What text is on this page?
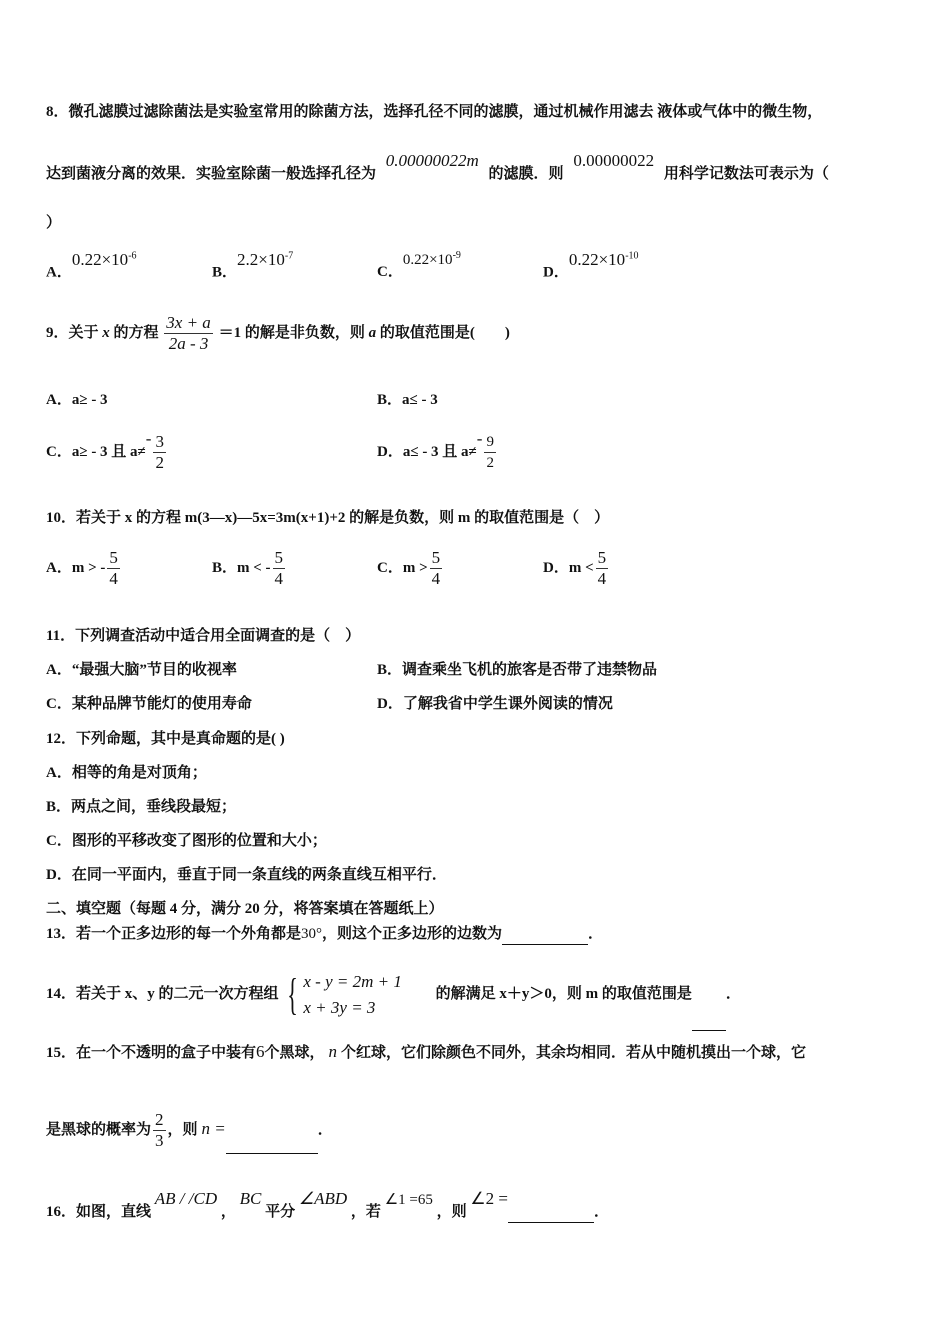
8．微孔滤膜过滤除菌法是实验室常用的除菌方法，选择孔径不同的滤膜，通过机械作用滤去 液体或气体中的微生物，
达到菌液分离的效果．实验室除菌一般选择孔径为 0.00000022m 的滤膜．则 0.00000022 用科学记数法可表示为（
）
A．$0.22\times 10^{-6}$
B．$2.2\times 10^{-7}$
C．$0.22\times 10^{-9}$
D．$0.22\times 10^{-10}$
9．关于 x 的方程 $\frac{3x + a}{2a - 3} =1$ 的解是非负数，则 a 的取值范围是(　　)
A．a≥ - 3	B．a≤ - 3
C．a≥ - 3 且 $a\ne- \frac{3}{2}$	D．a≤ - 3 且 $a\ne- \frac{9}{2}$
10．若关于 x 的方程 m(3—x)—5x=3m(x+1)+2 的解是负数，则 m 的取值范围是（　）
A．m > - $\frac{5}{4}$	B．m < - $\frac{5}{4}$	C．$m > \frac{5}{4}$	D．$m < \frac{5}{4}$
11．下列调查活动中适合用全面调查的是（　）
A．“最强大脑”节目的收视率	B．调查乘坐飞机的旅客是否带了违禁物品
C．某种品牌节能灯的使用寿命	D．了解我省中学生课外阅读的情况
12．下列命题，其中是真命题的是( )
A．相等的角是对顶角；
B．两点之间，垂线段最短；
C．图形的平移改变了图形的位置和大小；
D．在同一平面内，垂直于同一条直线的两条直线互相平行．
二、填空题（每题 4 分，满分 20 分，将答案填在答题纸上）
13．若一个正多边形的每一个外角都是30°，则这个正多边形的边数为	．
14．若关于 x、y 的二元一次方程组 { x - y = 2m + 1
x + 3y = 3
的解满足 x＋y＞0，则 m 的取值范围是 ．
15．在一个不透明的盒子中装有6个黑球， n 个红球，它们除颜色不同外，其余均相同．若从中随机摸出一个球，它
是黑球的概率为 $\frac{2}{3}$ ，则 n =	．
16．如图，直线 AB / /CD ， BC 平分 ∠ABD ，若 ∠1 =65 ，则 ∠2 = ．
